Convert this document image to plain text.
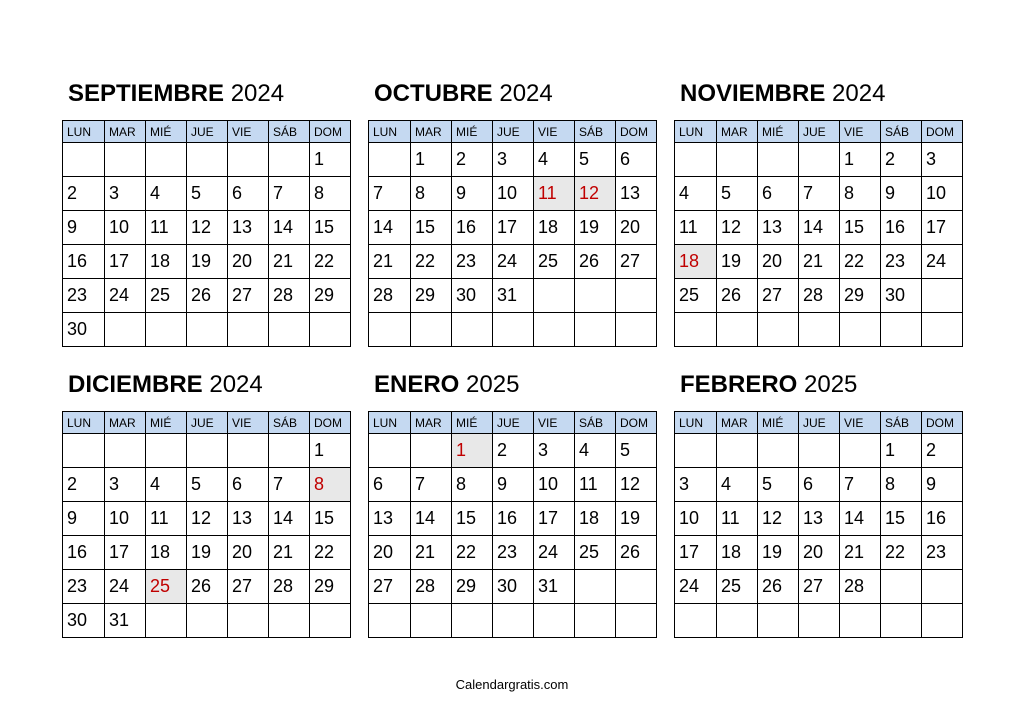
SEPTIEMBRE 2024
LUN	MAR	MIÉ	JUE	VIE	SÁB	DOM
						1
2	3	4	5	6	7	8
9	10	11	12	13	14	15
16	17	18	19	20	21	22
23	24	25	26	27	28	29
30						
OCTUBRE 2024
LUN	MAR	MIÉ	JUE	VIE	SÁB	DOM
	1	2	3	4	5	6
7	8	9	10	11	12	13
14	15	16	17	18	19	20
21	22	23	24	25	26	27
28	29	30	31			

NOVIEMBRE 2024
LUN	MAR	MIÉ	JUE	VIE	SÁB	DOM
				1	2	3
4	5	6	7	8	9	10
11	12	13	14	15	16	17
18	19	20	21	22	23	24
25	26	27	28	29	30	

DICIEMBRE 2024
LUN	MAR	MIÉ	JUE	VIE	SÁB	DOM
						1
2	3	4	5	6	7	8
9	10	11	12	13	14	15
16	17	18	19	20	21	22
23	24	25	26	27	28	29
30	31					
ENERO 2025
LUN	MAR	MIÉ	JUE	VIE	SÁB	DOM
		1	2	3	4	5
6	7	8	9	10	11	12
13	14	15	16	17	18	19
20	21	22	23	24	25	26
27	28	29	30	31		

FEBRERO 2025
LUN	MAR	MIÉ	JUE	VIE	SÁB	DOM
					1	2
3	4	5	6	7	8	9
10	11	12	13	14	15	16
17	18	19	20	21	22	23
24	25	26	27	28		

Calendargratis.com
